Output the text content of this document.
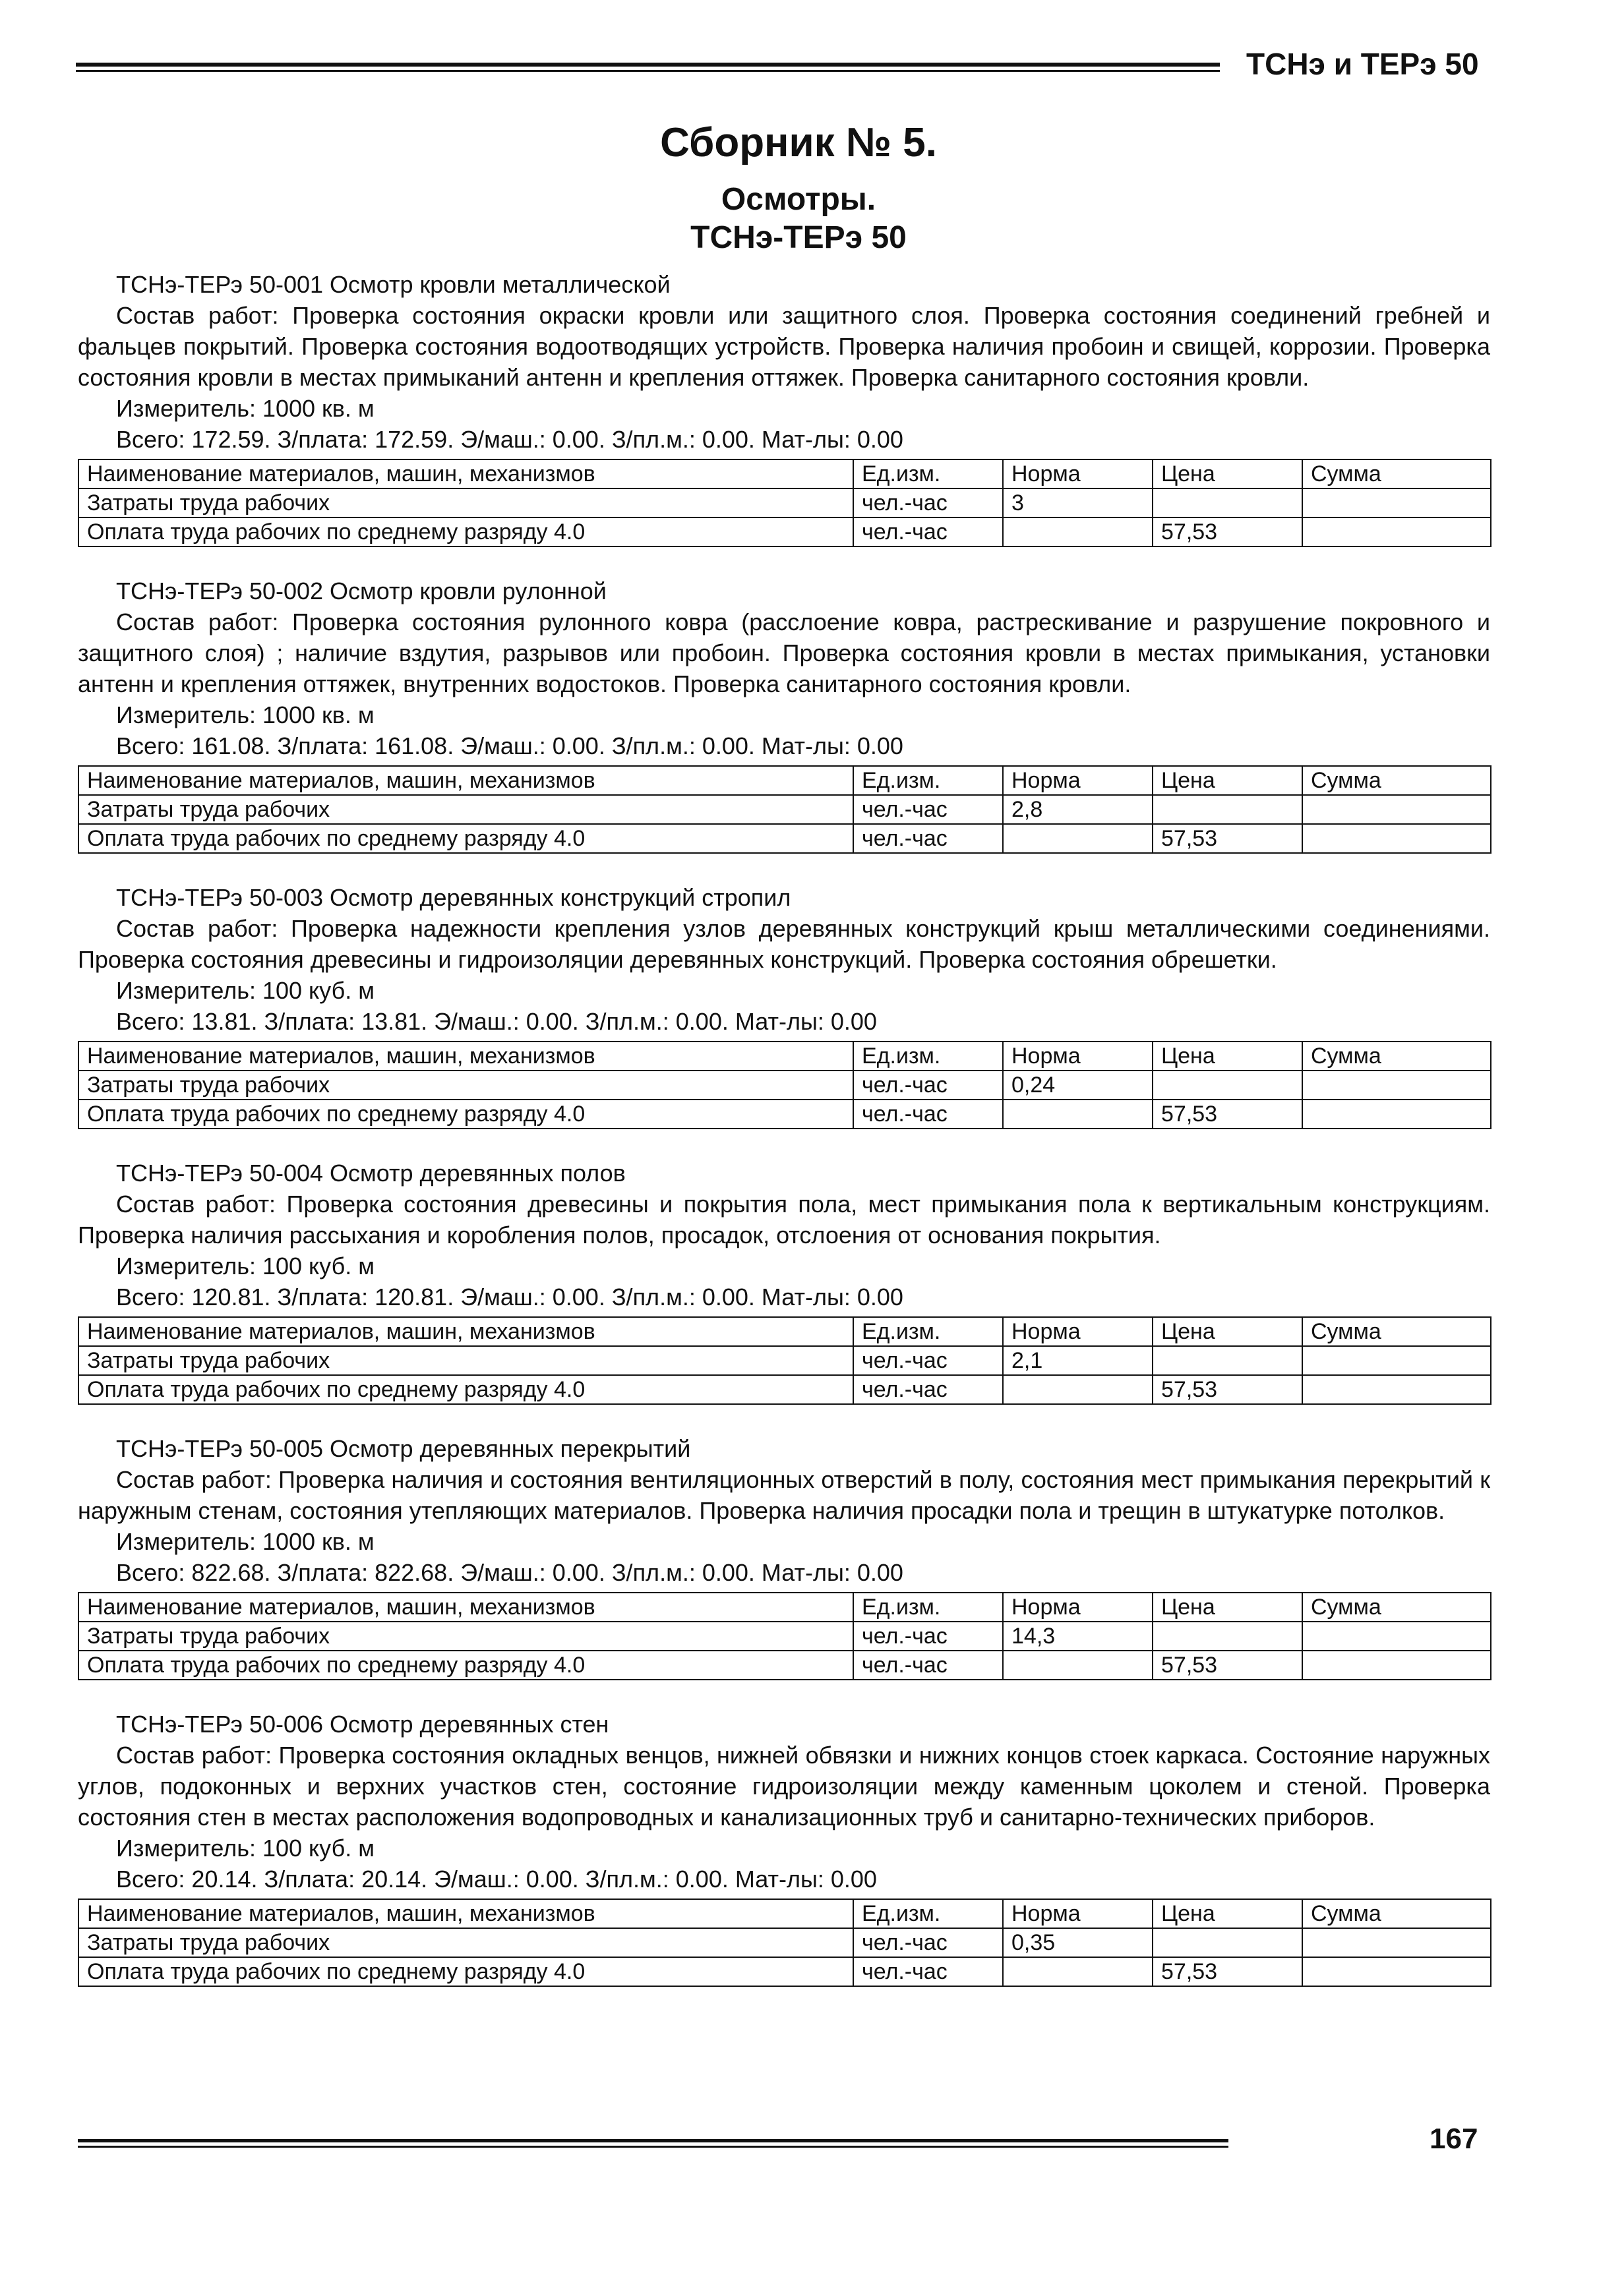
ТСНэ и ТЕРэ 50
Сборник № 5.
Осмотры.
ТСНэ-ТЕРэ 50
ТСНэ-ТЕРэ 50-001 Осмотр кровли металлической
Состав работ: Проверка состояния окраски кровли или защитного слоя. Проверка состояния соединений гребней и фальцев покрытий. Проверка состояния водоотводящих устройств. Проверка наличия пробоин и свищей, коррозии. Проверка состояния кровли в местах примыканий антенн и крепления оттяжек. Проверка санитарного состояния кровли.
Измеритель: 1000 кв. м
Всего: 172.59. З/плата: 172.59. Э/маш.: 0.00. З/пл.м.: 0.00. Мат-лы: 0.00
Наименование материалов, машин, механизмов	Ед.изм.	Норма	Цена	Сумма
Затраты труда рабочих	чел.-час	3		
Оплата труда рабочих по среднему разряду 4.0	чел.-час		57,53	
ТСНэ-ТЕРэ 50-002 Осмотр кровли рулонной
Состав работ: Проверка состояния рулонного ковра (расслоение ковра, растрескивание и разрушение покровного и защитного слоя) ; наличие вздутия, разрывов или пробоин. Проверка состояния кровли в местах примыкания, установки антенн и крепления оттяжек, внутренних водостоков. Проверка санитарного состояния кровли.
Измеритель: 1000 кв. м
Всего: 161.08. З/плата: 161.08. Э/маш.: 0.00. З/пл.м.: 0.00. Мат-лы: 0.00
Наименование материалов, машин, механизмов	Ед.изм.	Норма	Цена	Сумма
Затраты труда рабочих	чел.-час	2,8		
Оплата труда рабочих по среднему разряду 4.0	чел.-час		57,53	
ТСНэ-ТЕРэ 50-003 Осмотр деревянных конструкций стропил
Состав работ: Проверка надежности крепления узлов деревянных конструкций крыш металлическими соединениями. Проверка состояния древесины и гидроизоляции деревянных конструкций. Проверка состояния обрешетки.
Измеритель: 100 куб. м
Всего: 13.81. З/плата: 13.81. Э/маш.: 0.00. З/пл.м.: 0.00. Мат-лы: 0.00
Наименование материалов, машин, механизмов	Ед.изм.	Норма	Цена	Сумма
Затраты труда рабочих	чел.-час	0,24		
Оплата труда рабочих по среднему разряду 4.0	чел.-час		57,53	
ТСНэ-ТЕРэ 50-004 Осмотр деревянных полов
Состав работ: Проверка состояния древесины и покрытия пола, мест примыкания пола к вертикальным конструкциям. Проверка наличия рассыхания и коробления полов, просадок, отслоения от основания покрытия.
Измеритель: 100 куб. м
Всего: 120.81. З/плата: 120.81. Э/маш.: 0.00. З/пл.м.: 0.00. Мат-лы: 0.00
Наименование материалов, машин, механизмов	Ед.изм.	Норма	Цена	Сумма
Затраты труда рабочих	чел.-час	2,1		
Оплата труда рабочих по среднему разряду 4.0	чел.-час		57,53	
ТСНэ-ТЕРэ 50-005 Осмотр деревянных перекрытий
Состав работ: Проверка наличия и состояния вентиляционных отверстий в полу, состояния мест примыкания перекрытий к наружным стенам, состояния утепляющих материалов. Проверка наличия просадки пола и трещин в штукатурке потолков.
Измеритель: 1000 кв. м
Всего: 822.68. З/плата: 822.68. Э/маш.: 0.00. З/пл.м.: 0.00. Мат-лы: 0.00
Наименование материалов, машин, механизмов	Ед.изм.	Норма	Цена	Сумма
Затраты труда рабочих	чел.-час	14,3		
Оплата труда рабочих по среднему разряду 4.0	чел.-час		57,53	
ТСНэ-ТЕРэ 50-006 Осмотр деревянных стен
Состав работ: Проверка состояния окладных венцов, нижней обвязки и нижних концов стоек каркаса. Состояние наружных углов, подоконных и верхних участков стен, состояние гидроизоляции между каменным цоколем и стеной. Проверка состояния стен в местах расположения водопроводных и канализационных труб и санитарно-технических приборов.
Измеритель: 100 куб. м
Всего: 20.14. З/плата: 20.14. Э/маш.: 0.00. З/пл.м.: 0.00. Мат-лы: 0.00
Наименование материалов, машин, механизмов	Ед.изм.	Норма	Цена	Сумма
Затраты труда рабочих	чел.-час	0,35		
Оплата труда рабочих по среднему разряду 4.0	чел.-час		57,53	
167
